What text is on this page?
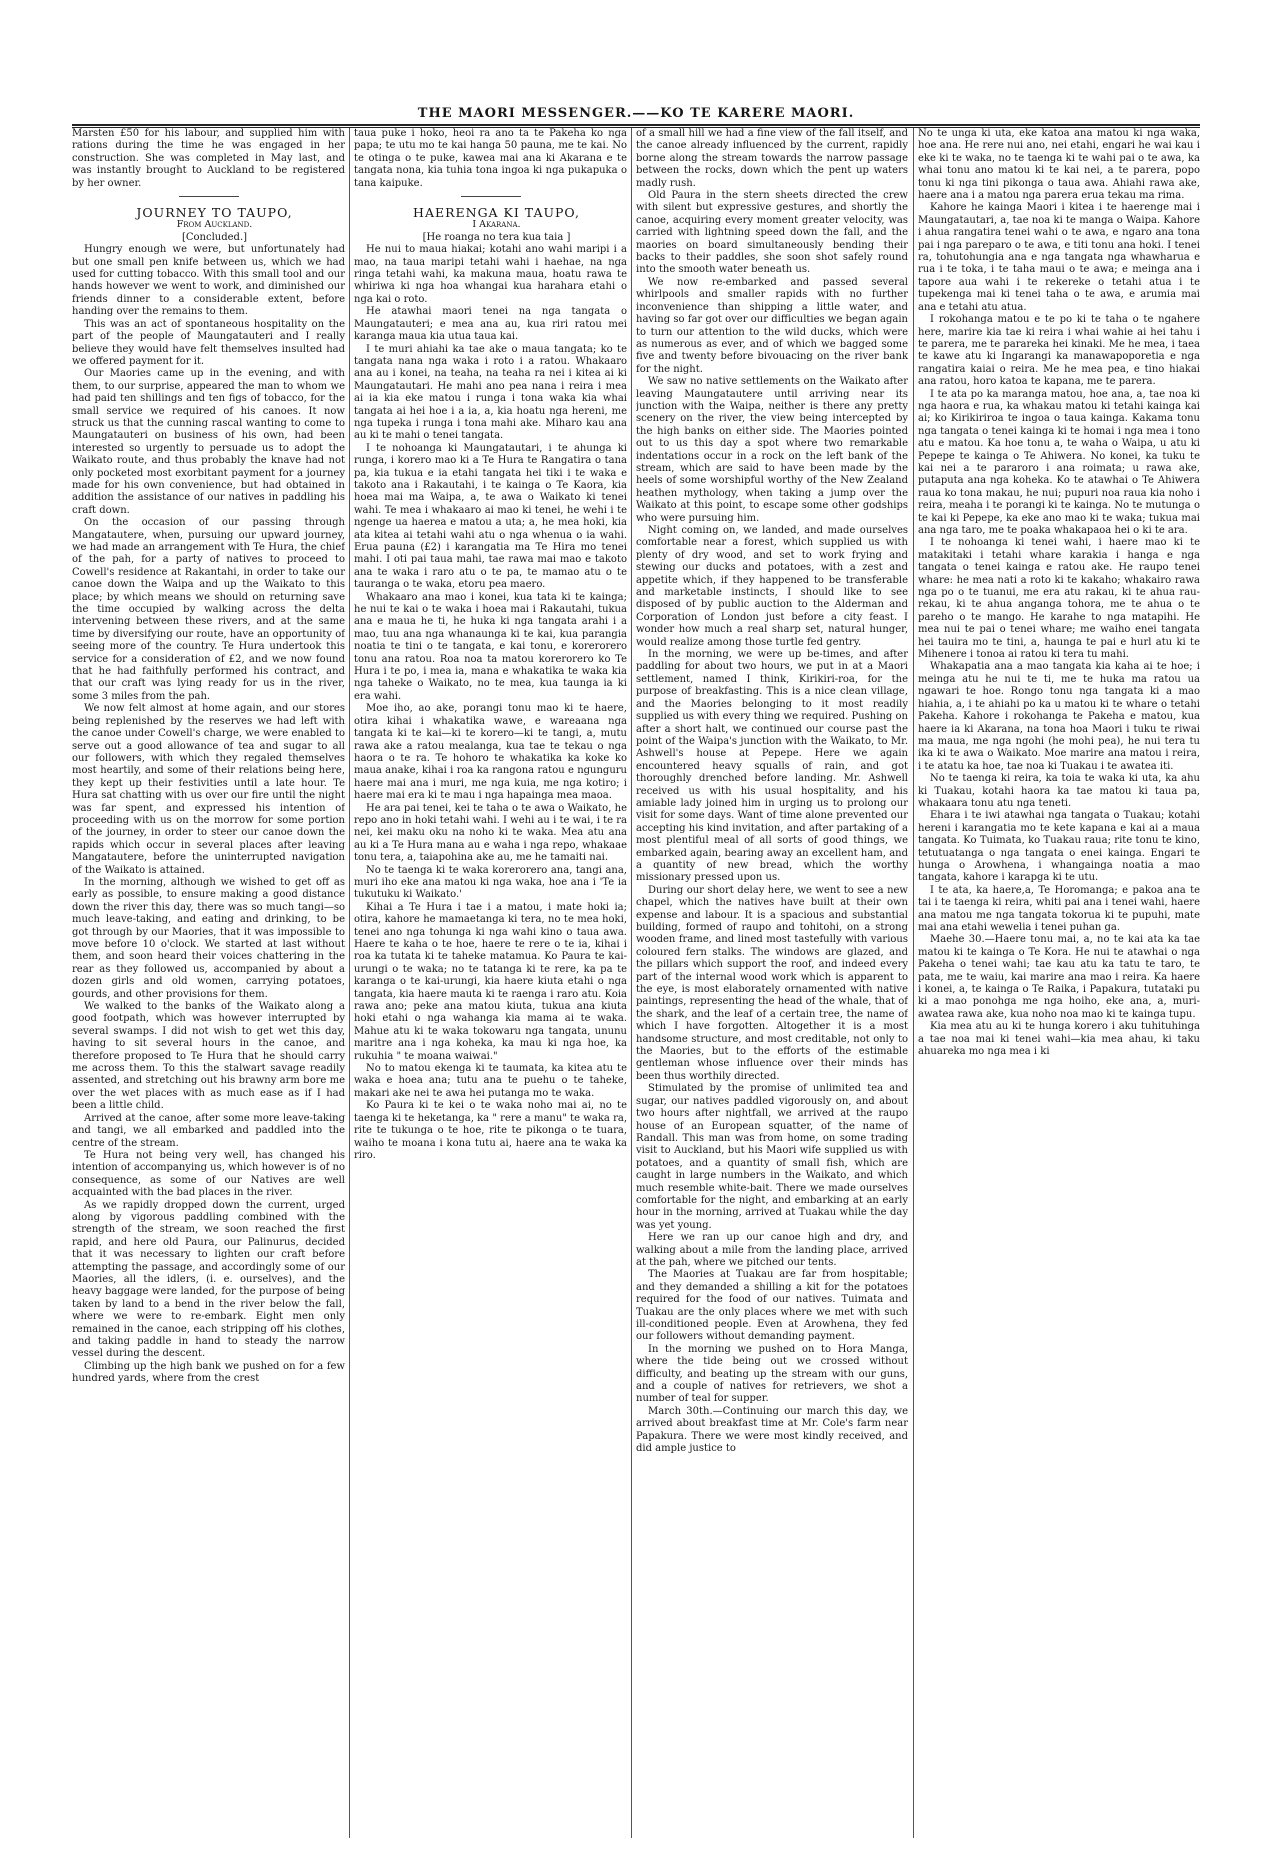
THE MAORI MESSENGER.——KO TE KARERE MAORI.

Marsten £50 for his labour, and supplied him with rations during the time he was engaged in her construction. She was completed in May last, and was instantly brought to Auckland to be registered by her owner.

JOURNEY TO TAUPO,

From Auckland.

[Concluded.]

Hungry enough we were, but unfortunately had but one small pen knife between us, which we had used for cutting tobacco. With this small tool and our hands however we went to work, and diminished our friends dinner to a considerable extent, before handing over the remains to them.

This was an act of spontaneous hospitality on the part of the people of Maungatauteri and I really believe they would have felt themselves insulted had we offered payment for it.

Our Maories came up in the evening, and with them, to our surprise, appeared the man to whom we had paid ten shillings and ten figs of tobacco, for the small service we required of his canoes. It now struck us that the cunning rascal wanting to come to Maungatauteri on business of his own, had been interested so urgently to persuade us to adopt the Waikato route, and thus probably the knave had not only pocketed most exorbitant payment for a journey made for his own convenience, but had obtained in addition the assistance of our natives in paddling his craft down.

On the occasion of our passing through Mangatautere, when, pursuing our upward journey, we had made an arrangement with Te Hura, the chief of the pah, for a party of natives to proceed to Cowell's residence at Rakantahi, in order to take our canoe down the Waipa and up the Waikato to this place; by which means we should on returning save the time occupied by walking across the delta intervening between these rivers, and at the same time by diversifying our route, have an opportunity of seeing more of the country. Te Hura undertook this service for a consideration of £2, and we now found that he had faithfully performed his contract, and that our craft was lying ready for us in the river, some 3 miles from the pah.

We now felt almost at home again, and our stores being replenished by the reserves we had left with the canoe under Cowell's charge, we were enabled to serve out a good allowance of tea and sugar to all our followers, with which they regaled themselves most heartily, and some of their relations being here, they kept up their festivities until a late hour. Te Hura sat chatting with us over our fire until the night was far spent, and expressed his intention of proceeding with us on the morrow for some portion of the journey, in order to steer our canoe down the rapids which occur in several places after leaving Mangatautere, before the uninterrupted navigation of the Waikato is attained.

In the morning, although we wished to get off as early as possible, to ensure making a good distance down the river this day, there was so much tangi—so much leave-taking, and eating and drinking, to be got through by our Maories, that it was impossible to move before 10 o'clock. We started at last without them, and soon heard their voices chattering in the rear as they followed us, accompanied by about a dozen girls and old women, carrying potatoes, gourds, and other provisions for them.

We walked to the banks of the Waikato along a good footpath, which was however interrupted by several swamps. I did not wish to get wet this day, having to sit several hours in the canoe, and therefore proposed to Te Hura that he should carry me across them. To this the stalwart savage readily assented, and stretching out his brawny arm bore me over the wet places with as much ease as if I had been a little child.

Arrived at the canoe, after some more leave-taking and tangi, we all embarked and paddled into the centre of the stream.

Te Hura not being very well, has changed his intention of accompanying us, which however is of no consequence, as some of our Natives are well acquainted with the bad places in the river.

As we rapidly dropped down the current, urged along by vigorous paddling combined with the strength of the stream, we soon reached the first rapid, and here old Paura, our Palinurus, decided that it was necessary to lighten our craft before attempting the passage, and accordingly some of our Maories, all the idlers, (i. e. ourselves), and the heavy baggage were landed, for the purpose of being taken by land to a bend in the river below the fall, where we were to re-embark. Eight men only remained in the canoe, each stripping off his clothes, and taking paddle in hand to steady the narrow vessel during the descent.

Climbing up the high bank we pushed on for a few hundred yards, where from the crest

taua puke i hoko, heoi ra ano ta te Pakeha ko nga papa; te utu mo te kai hanga 50 pauna, me te kai. No te otinga o te puke, kawea mai ana ki Akarana e te tangata nona, kia tuhia tona ingoa ki nga pukapuka o tana kaipuke.

HAERENGA KI TAUPO,

I Akarana.

[He roanga no tera kua taia ]

He nui to maua hiakai; kotahi ano wahi maripi i a mao, na taua maripi tetahi wahi i haehae, na nga ringa tetahi wahi, ka makuna maua, hoatu rawa te whiriwa ki nga hoa whangai kua harahara etahi o nga kai o roto.

He atawhai maori tenei na nga tangata o Maungatauteri; e mea ana au, kua riri ratou mei karanga maua kia utua taua kai.

I te muri ahiahi ka tae ake o maua tangata; ko te tangata nana nga waka i roto i a ratou. Whakaaro ana au i konei, na teaha, na teaha ra nei i kitea ai ki Maungatautari. He mahi ano pea nana i reira i mea ai ia kia eke matou i runga i tona waka kia whai tangata ai hei hoe i a ia, a, kia hoatu nga hereni, me nga tupeka i runga i tona mahi ake. Miharo kau ana au ki te mahi o tenei tangata.

I te nohoanga ki Maungatautari, i te ahunga ki runga, i korero mao ki a Te Hura te Rangatira o tana pa, kia tukua e ia etahi tangata hei tiki i te waka e takoto ana i Rakautahi, i te kainga o Te Kaora, kia hoea mai ma Waipa, a, te awa o Waikato ki tenei wahi. Te mea i whakaaro ai mao ki tenei, he wehi i te ngenge ua haerea e matou a uta; a, he mea hoki, kia ata kitea ai tetahi wahi atu o nga whenua o ia wahi. Erua pauna (£2) i karangatia ma Te Hira mo tenei mahi. I oti pai taua mahi, tae rawa mai mao e takoto ana te waka i raro atu o te pa, te mamao atu o te tauranga o te waka, etoru pea maero.

Whakaaro ana mao i konei, kua tata ki te kainga; he nui te kai o te waka i hoea mai i Rakautahi, tukua ana e maua he ti, he huka ki nga tangata arahi i a mao, tuu ana nga whanaunga ki te kai, kua parangia noatia te tini o te tangata, e kai tonu, e korerorero tonu ana ratou. Roa noa ta matou korerorero ko Te Hura i te po, i mea ia, mana e whakatika te waka kia nga taheke o Waikato, no te mea, kua taunga ia ki era wahi.

Moe iho, ao ake, porangi tonu mao ki te haere, otira kihai i whakatika wawe, e wareaana nga tangata ki te kai—ki te korero—ki te tangi, a, mutu rawa ake a ratou mealanga, kua tae te tekau o nga haora o te ra. Te hohoro te whakatika ka koke ko maua anake, kihai i roa ka rangona ratou e ngunguru haere mai ana i muri, me nga kuia, me nga kotiro; i haere mai era ki te mau i nga hapainga mea maoa.

He ara pai tenei, kei te taha o te awa o Waikato, he repo ano in hoki tetahi wahi. I wehi au i te wai, i te ra nei, kei maku oku na noho ki te waka. Mea atu ana au ki a Te Hura mana au e waha i nga repo, whakaae tonu tera, a, taiapohina ake au, me he tamaiti nai.

No te taenga ki te waka korerorero ana, tangi ana, muri iho eke ana matou ki nga waka, hoe ana i 'Te ia tukutuku ki Waikato.'

Kihai a Te Hura i tae i a matou, i mate hoki ia; otira, kahore he mamaetanga ki tera, no te mea hoki, tenei ano nga tohunga ki nga wahi kino o taua awa. Haere te kaha o te hoe, haere te rere o te ia, kihai i roa ka tutata ki te taheke matamua. Ko Paura te kai-urungi o te waka; no te tatanga ki te rere, ka pa te karanga o te kai-urungi, kia haere kiuta etahi o nga tangata, kia haere mauta ki te raenga i raro atu. Koia rawa ano; peke ana matou kiuta, tukua ana kiuta hoki etahi o nga wahanga kia mama ai te waka. Mahue atu ki te waka tokowaru nga tangata, ununu maritre ana i nga koheka, ka mau ki nga hoe, ka rukuhia " te moana waiwai."

No to matou ekenga ki te taumata, ka kitea atu te waka e hoea ana; tutu ana te puehu o te taheke, makari ake nei te awa hei putanga mo te waka.

Ko Paura ki te kei o te waka noho mai ai, no te taenga ki te heketanga, ka " rere a manu" te waka ra, rite te tukunga o te hoe, rite te pikonga o te tuara, waiho te moana i kona tutu ai, haere ana te waka ka riro.

of a small hill we had a fine view of the fall itself, and the canoe already influenced by the current, rapidly borne along the stream towards the narrow passage between the rocks, down which the pent up waters madly rush.

Old Paura in the stern sheets directed the crew with silent but expressive gestures, and shortly the canoe, acquiring every moment greater velocity, was carried with lightning speed down the fall, and the maories on board simultaneously bending their backs to their paddles, she soon shot safely round into the smooth water beneath us.

We now re-embarked and passed several whirlpools and smaller rapids with no further inconvenience than shipping a little water, and having so far got over our difficulties we began again to turn our attention to the wild ducks, which were as numerous as ever, and of which we bagged some five and twenty before bivouacing on the river bank for the night.

We saw no native settlements on the Waikato after leaving Maungatautere until arriving near its junction with the Waipa, neither is there any pretty scenery on the river, the view being intercepted by the high banks on either side. The Maories pointed out to us this day a spot where two remarkable indentations occur in a rock on the left bank of the stream, which are said to have been made by the heels of some worshipful worthy of the New Zealand heathen mythology, when taking a jump over the Waikato at this point, to escape some other godships who were pursuing him.

Night coming on, we landed, and made ourselves comfortable near a forest, which supplied us with plenty of dry wood, and set to work frying and stewing our ducks and potatoes, with a zest and appetite which, if they happened to be transferable and marketable instincts, I should like to see disposed of by public auction to the Alderman and Corporation of London just before a city feast. I wonder how much a real sharp set, natural hunger, would realize among those turtle fed gentry.

In the morning, we were up be-times, and after paddling for about two hours, we put in at a Maori settlement, named I think, Kirikiri-roa, for the purpose of breakfasting. This is a nice clean village, and the Maories belonging to it most readily supplied us with every thing we required. Pushing on after a short halt, we continued our course past the point of the Waipa's junction with the Waikato, to Mr. Ashwell's house at Pepepe. Here we again encountered heavy squalls of rain, and got thoroughly drenched before landing. Mr. Ashwell received us with his usual hospitality, and his amiable lady joined him in urging us to prolong our visit for some days. Want of time alone prevented our accepting his kind invitation, and after partaking of a most plentiful meal of all sorts of good things, we embarked again, bearing away an excellent ham, and a quantity of new bread, which the worthy missionary pressed upon us.

During our short delay here, we went to see a new chapel, which the natives have built at their own expense and labour. It is a spacious and substantial building, formed of raupo and tohitohi, on a strong wooden frame, and lined most tastefully with various coloured fern stalks. The windows are glazed, and the pillars which support the roof, and indeed every part of the internal wood work which is apparent to the eye, is most elaborately ornamented with native paintings, representing the head of the whale, that of the shark, and the leaf of a certain tree, the name of which I have forgotten. Altogether it is a most handsome structure, and most creditable, not only to the Maories, but to the efforts of the estimable gentleman whose influence over their minds has been thus worthily directed.

Stimulated by the promise of unlimited tea and sugar, our natives paddled vigorously on, and about two hours after nightfall, we arrived at the raupo house of an European squatter, of the name of Randall. This man was from home, on some trading visit to Auckland, but his Maori wife supplied us with potatoes, and a quantity of small fish, which are caught in large numbers in the Waikato, and which much resemble white-bait. There we made ourselves comfortable for the night, and embarking at an early hour in the morning, arrived at Tuakau while the day was yet young.

Here we ran up our canoe high and dry, and walking about a mile from the landing place, arrived at the pah, where we pitched our tents.

The Maories at Tuakau are far from hospitable; and they demanded a shilling a kit for the potatoes required for the food of our natives. Tuimata and Tuakau are the only places where we met with such ill-conditioned people. Even at Arowhena, they fed our followers without demanding payment.

In the morning we pushed on to Hora Manga, where the tide being out we crossed without difficulty, and beating up the stream with our guns, and a couple of natives for retrievers, we shot a number of teal for supper.

March 30th.—Continuing our march this day, we arrived about breakfast time at Mr. Cole's farm near Papakura. There we were most kindly received, and did ample justice to

No te unga ki uta, eke katoa ana matou ki nga waka, hoe ana. He rere nui ano, nei etahi, engari he wai kau i eke ki te waka, no te taenga ki te wahi pai o te awa, ka whai tonu ano matou ki te kai nei, a te parera, popo tonu ki nga tini pikonga o taua awa. Ahiahi rawa ake, haere ana i a matou nga parera erua tekau ma rima.

Kahore he kainga Maori i kitea i te haerenge mai i Maungatautari, a, tae noa ki te manga o Waipa. Kahore i ahua rangatira tenei wahi o te awa, e ngaro ana tona pai i nga pareparo o te awa, e titi tonu ana hoki. I tenei ra, tohutohungia ana e nga tangata nga whawharua e rua i te toka, i te taha maui o te awa; e meinga ana i tapore aua wahi i te rekereke o tetahi atua i te tupekenga mai ki tenei taha o te awa, e arumia mai ana e tetahi atu atua.

I rokohanga matou e te po ki te taha o te ngahere here, marire kia tae ki reira i whai wahie ai hei tahu i te parera, me te parareka hei kinaki. Me he mea, i taea te kawe atu ki Ingarangi ka manawapoporetia e nga rangatira kaiai o reira. Me he mea pea, e tino hiakai ana ratou, horo katoa te kapana, me te parera.

I te ata po ka maranga matou, hoe ana, a, tae noa ki nga haora e rua, ka whakau matou ki tetahi kainga kai ai; ko Kirikiriroa te ingoa o taua kainga. Kakama tonu nga tangata o tenei kainga ki te homai i nga mea i tono atu e matou. Ka hoe tonu a, te waha o Waipa, u atu ki Pepepe te kainga o Te Ahiwera. No konei, ka tuku te kai nei a te pararoro i ana roimata; u rawa ake, putaputa ana nga koheka. Ko te atawhai o Te Ahiwera raua ko tona makau, he nui; pupuri noa raua kia noho i reira, meaha i te porangi ki te kainga. No te mutunga o te kai ki Pepepe, ka eke ano mao ki te waka; tukua mai ana nga taro, me te poaka whakapaoa hei o ki te ara.

I te nohoanga ki tenei wahi, i haere mao ki te matakitaki i tetahi whare karakia i hanga e nga tangata o tenei kainga e ratou ake. He raupo tenei whare: he mea nati a roto ki te kakaho; whakairo rawa nga po o te tuanui, me era atu rakau, ki te ahua rau-rekau, ki te ahua anganga tohora, me te ahua o te pareho o te mango. He karahe to nga matapihi. He mea nui te pai o tenei whare; me waiho enei tangata hei tauira mo te tini, a, haunga te pai e hurl atu ki te Mihenere i tonoa ai ratou ki tera tu mahi.

Whakapatia ana a mao tangata kia kaha ai te hoe; i meinga atu he nui te ti, me te huka ma ratou ua ngawari te hoe. Rongo tonu nga tangata ki a mao hiahia, a, i te ahiahi po ka u matou ki te whare o tetahi Pakeha. Kahore i rokohanga te Pakeha e matou, kua haere ia ki Akarana, na tona hoa Maori i tuku te riwai ma maua, me nga ngohi (he mohi pea), he nui tera tu ika ki te awa o Waikato. Moe marire ana matou i reira, i te atatu ka hoe, tae noa ki Tuakau i te awatea iti.

No te taenga ki reira, ka toia te waka ki uta, ka ahu ki Tuakau, kotahi haora ka tae matou ki taua pa, whakaara tonu atu nga teneti.

Ehara i te iwi atawhai nga tangata o Tuakau; kotahi hereni i karangatia mo te kete kapana e kai ai a maua tangata. Ko Tuimata, ko Tuakau raua; rite tonu te kino, tetutuatanga o nga tangata o enei kainga. Engari te hunga o Arowhena, i whangainga noatia a mao tangata, kahore i karapga ki te utu.

I te ata, ka haere,a, Te Horomanga; e pakoa ana te tai i te taenga ki reira, whiti pai ana i tenei wahi, haere ana matou me nga tangata tokorua ki te pupuhi, mate mai ana etahi wewelia i tenei puhan ga.

Maehe 30.—Haere tonu mai, a, no te kai ata ka tae matou ki te kainga o Te Kora. He nui te atawhai o nga Pakeha o tenei wahi; tae kau atu ka tatu te taro, te pata, me te waiu, kai marire ana mao i reira. Ka haere i konei, a, te kainga o Te Raika, i Papakura, tutataki pu ki a mao ponohga me nga hoiho, eke ana, a, muri-awatea rawa ake, kua noho noa mao ki te kainga tupu.

Kia mea atu au ki te hunga korero i aku tuhituhinga a tae noa mai ki tenei wahi—kia mea ahau, ki taku ahuareka mo nga mea i ki
